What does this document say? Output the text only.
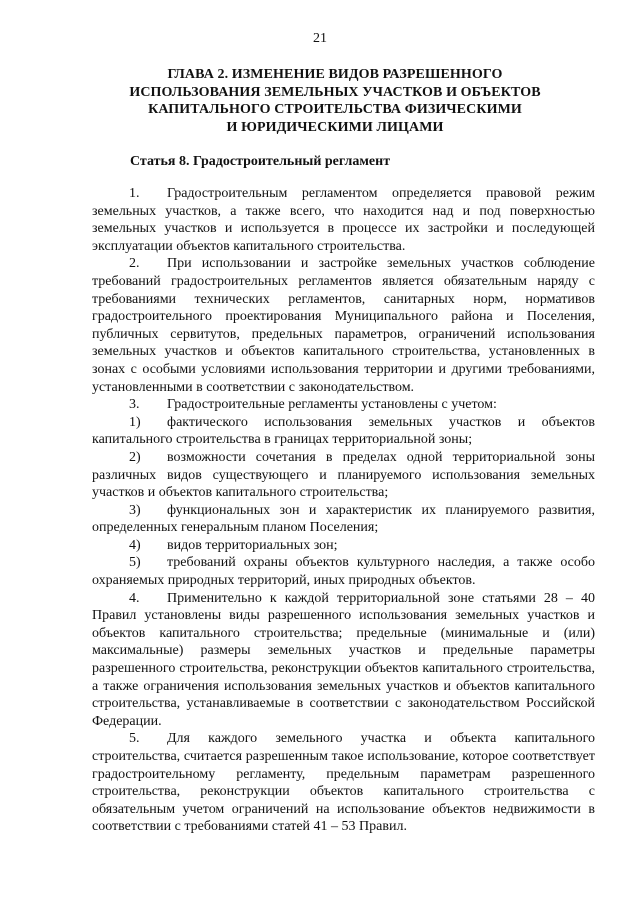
21
ГЛАВА 2. ИЗМЕНЕНИЕ ВИДОВ РАЗРЕШЕННОГО
ИСПОЛЬЗОВАНИЯ ЗЕМЕЛЬНЫХ УЧАСТКОВ И ОБЪЕКТОВ
КАПИТАЛЬНОГО СТРОИТЕЛЬСТВА ФИЗИЧЕСКИМИ
И ЮРИДИЧЕСКИМИ ЛИЦАМИ
Статья 8. Градостроительный регламент

1. Градостроительным регламентом определяется правовой режим земельных участков, а также всего, что находится над и под поверхностью земельных участков и используется в процессе их застройки и последующей эксплуатации объектов капитального строительства.

2. При использовании и застройке земельных участков соблюдение требований градостроительных регламентов является обязательным наряду с требованиями технических регламентов, санитарных норм, нормативов градостроительного проектирования Муниципального района и Поселения, публичных сервитутов, предельных параметров, ограничений использования земельных участков и объектов капитального строительства, установленных в зонах с особыми условиями использования территории и другими требованиями, установленными в соответствии с законодательством.

3. Градостроительные регламенты установлены с учетом:

1) фактического использования земельных участков и объектов капитального строительства в границах территориальной зоны;

2) возможности сочетания в пределах одной территориальной зоны различных видов существующего и планируемого использования земельных участков и объектов капитального строительства;

3) функциональных зон и характеристик их планируемого развития, определенных генеральным планом Поселения;

4) видов территориальных зон;

5) требований охраны объектов культурного наследия, а также особо охраняемых природных территорий, иных природных объектов.

4. Применительно к каждой территориальной зоне статьями 28 – 40 Правил установлены виды разрешенного использования земельных участков и объектов капитального строительства; предельные (минимальные и (или) максимальные) размеры земельных участков и предельные параметры разрешенного строительства, реконструкции объектов капитального строительства, а также ограничения использования земельных участков и объектов капитального строительства, устанавливаемые в соответствии с законодательством Российской Федерации.

5. Для каждого земельного участка и объекта капитального строительства, считается разрешенным такое использование, которое соответствует градостроительному регламенту, предельным параметрам разрешенного строительства, реконструкции объектов капитального строительства с обязательным учетом ограничений на использование объектов недвижимости в соответствии с требованиями статей 41 – 53 Правил.
